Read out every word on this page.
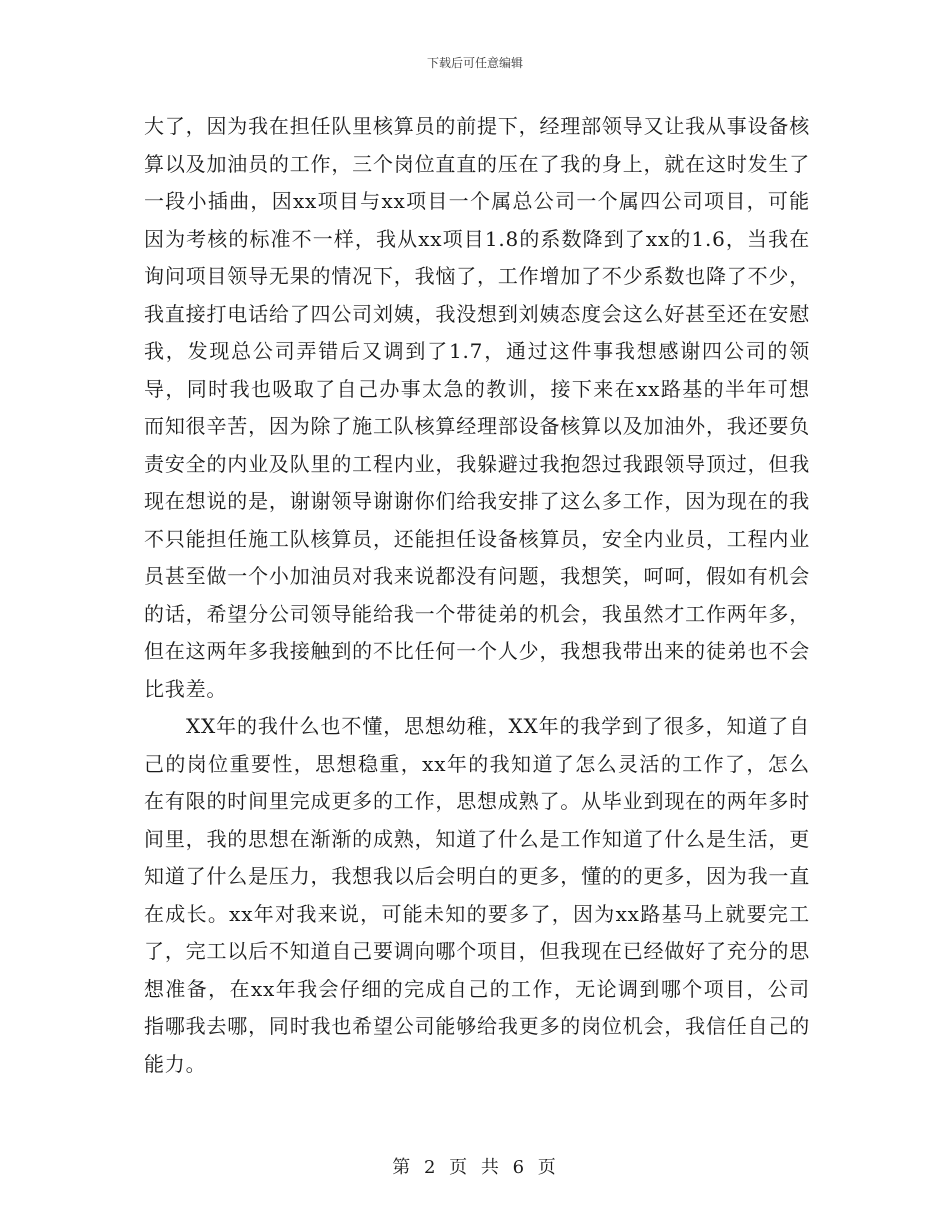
下载后可任意编辑

大了，因为我在担任队里核算员的前提下，经理部领导又让我从事设备核算以及加油员的工作，三个岗位直直的压在了我的身上，就在这时发生了一段小插曲，因xx项目与xx项目一个属总公司一个属四公司项目，可能因为考核的标准不一样，我从xx项目1.8的系数降到了xx的1.6，当我在询问项目领导无果的情况下，我恼了，工作增加了不少系数也降了不少，我直接打电话给了四公司刘姨，我没想到刘姨态度会这么好甚至还在安慰我，发现总公司弄错后又调到了1.7，通过这件事我想感谢四公司的领导，同时我也吸取了自己办事太急的教训，接下来在xx路基的半年可想而知很辛苦，因为除了施工队核算经理部设备核算以及加油外，我还要负责安全的内业及队里的工程内业，我躲避过我抱怨过我跟领导顶过，但我现在想说的是，谢谢领导谢谢你们给我安排了这么多工作，因为现在的我不只能担任施工队核算员，还能担任设备核算员，安全内业员，工程内业员甚至做一个小加油员对我来说都没有问题，我想笑，呵呵，假如有机会的话，希望分公司领导能给我一个带徒弟的机会，我虽然才工作两年多，但在这两年多我接触到的不比任何一个人少，我想我带出来的徒弟也不会比我差。

XX年的我什么也不懂，思想幼稚，XX年的我学到了很多，知道了自己的岗位重要性，思想稳重，xx年的我知道了怎么灵活的工作了，怎么在有限的时间里完成更多的工作，思想成熟了。从毕业到现在的两年多时间里，我的思想在渐渐的成熟，知道了什么是工作知道了什么是生活，更知道了什么是压力，我想我以后会明白的更多，懂的的更多，因为我一直在成长。xx年对我来说，可能未知的要多了，因为xx路基马上就要完工了，完工以后不知道自己要调向哪个项目，但我现在已经做好了充分的思想准备，在xx年我会仔细的完成自己的工作，无论调到哪个项目，公司指哪我去哪，同时我也希望公司能够给我更多的岗位机会，我信任自己的能力。

第 2 页 共 6 页
